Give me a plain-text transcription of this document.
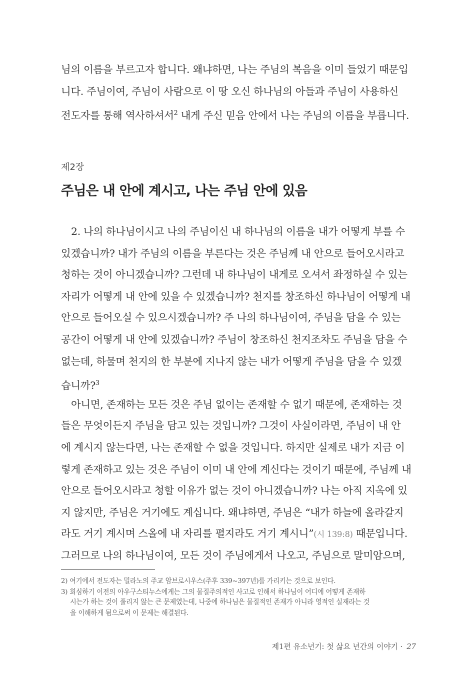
님의 이름을 부르고자 합니다. 왜냐하면, 나는 주님의 복음을 이미 들었기 때문입
니다. 주님이여, 주님이 사람으로 이 땅 오신 하나님의 아들과 주님이 사용하신
전도자를 통해 역사하셔서$^2$ 내게 주신 믿음 안에서 나는 주님의 이름을 부릅니다.
제2장
주님은 내 안에 계시고, 나는 주님 안에 있음
2. 나의 하나님이시고 나의 주님이신 내 하나님의 이름을 내가 어떻게 부를 수
있겠습니까? 내가 주님의 이름을 부른다는 것은 주님께 내 안으로 들어오시라고
청하는 것이 아니겠습니까? 그런데 내 하나님이 내게로 오셔서 좌정하실 수 있는
자리가 어떻게 내 안에 있을 수 있겠습니까? 천지를 창조하신 하나님이 어떻게 내
안으로 들어오실 수 있으시겠습니까? 주 나의 하나님이여, 주님을 담을 수 있는
공간이 어떻게 내 안에 있겠습니까? 주님이 창조하신 천지조차도 주님을 담을 수
없는데, 하물며 천지의 한 부분에 지나지 않는 내가 어떻게 주님을 담을 수 있겠
습니까?$^3$
아니면, 존재하는 모든 것은 주님 없이는 존재할 수 없기 때문에, 존재하는 것
들은 무엇이든지 주님을 담고 있는 것입니까? 그것이 사실이라면, 주님이 내 안
에 계시지 않는다면, 나는 존재할 수 없을 것입니다. 하지만 실제로 내가 지금 이
렇게 존재하고 있는 것은 주님이 이미 내 안에 계신다는 것이기 때문에, 주님께 내
안으로 들어오시라고 청할 이유가 없는 것이 아니겠습니까? 나는 아직 지옥에 있
지 않지만, 주님은 거기에도 계십니다. 왜냐하면, 주님은 “내가 하늘에 올라갈지
라도 거기 계시며 스올에 내 자리를 펼지라도 거기 계시니”(시 139:8) 때문입니다.
그러므로 나의 하나님이여, 모든 것이 주님에게서 나오고, 주님으로 말미암으며,
2) 여기에서 전도자는 밀라노의 주교 암브로시우스(주후 339~397년)를 가리키는 것으로 보인다.
3) 회심하기 이전의 아우구스티누스에게는 그의 물질주의적인 사고로 인해서 하나님이 어디에 어떻게 존재하
시는가 하는 것이 풀리지 않는 큰 문제였는데, 나중에 하나님은 물질적인 존재가 아니라 영적인 실재라는 것
을 이해하게 됨으로써 이 문제는 해결된다.
제1편 유소년기: 첫 삶요 년간의 이야기 · 27
